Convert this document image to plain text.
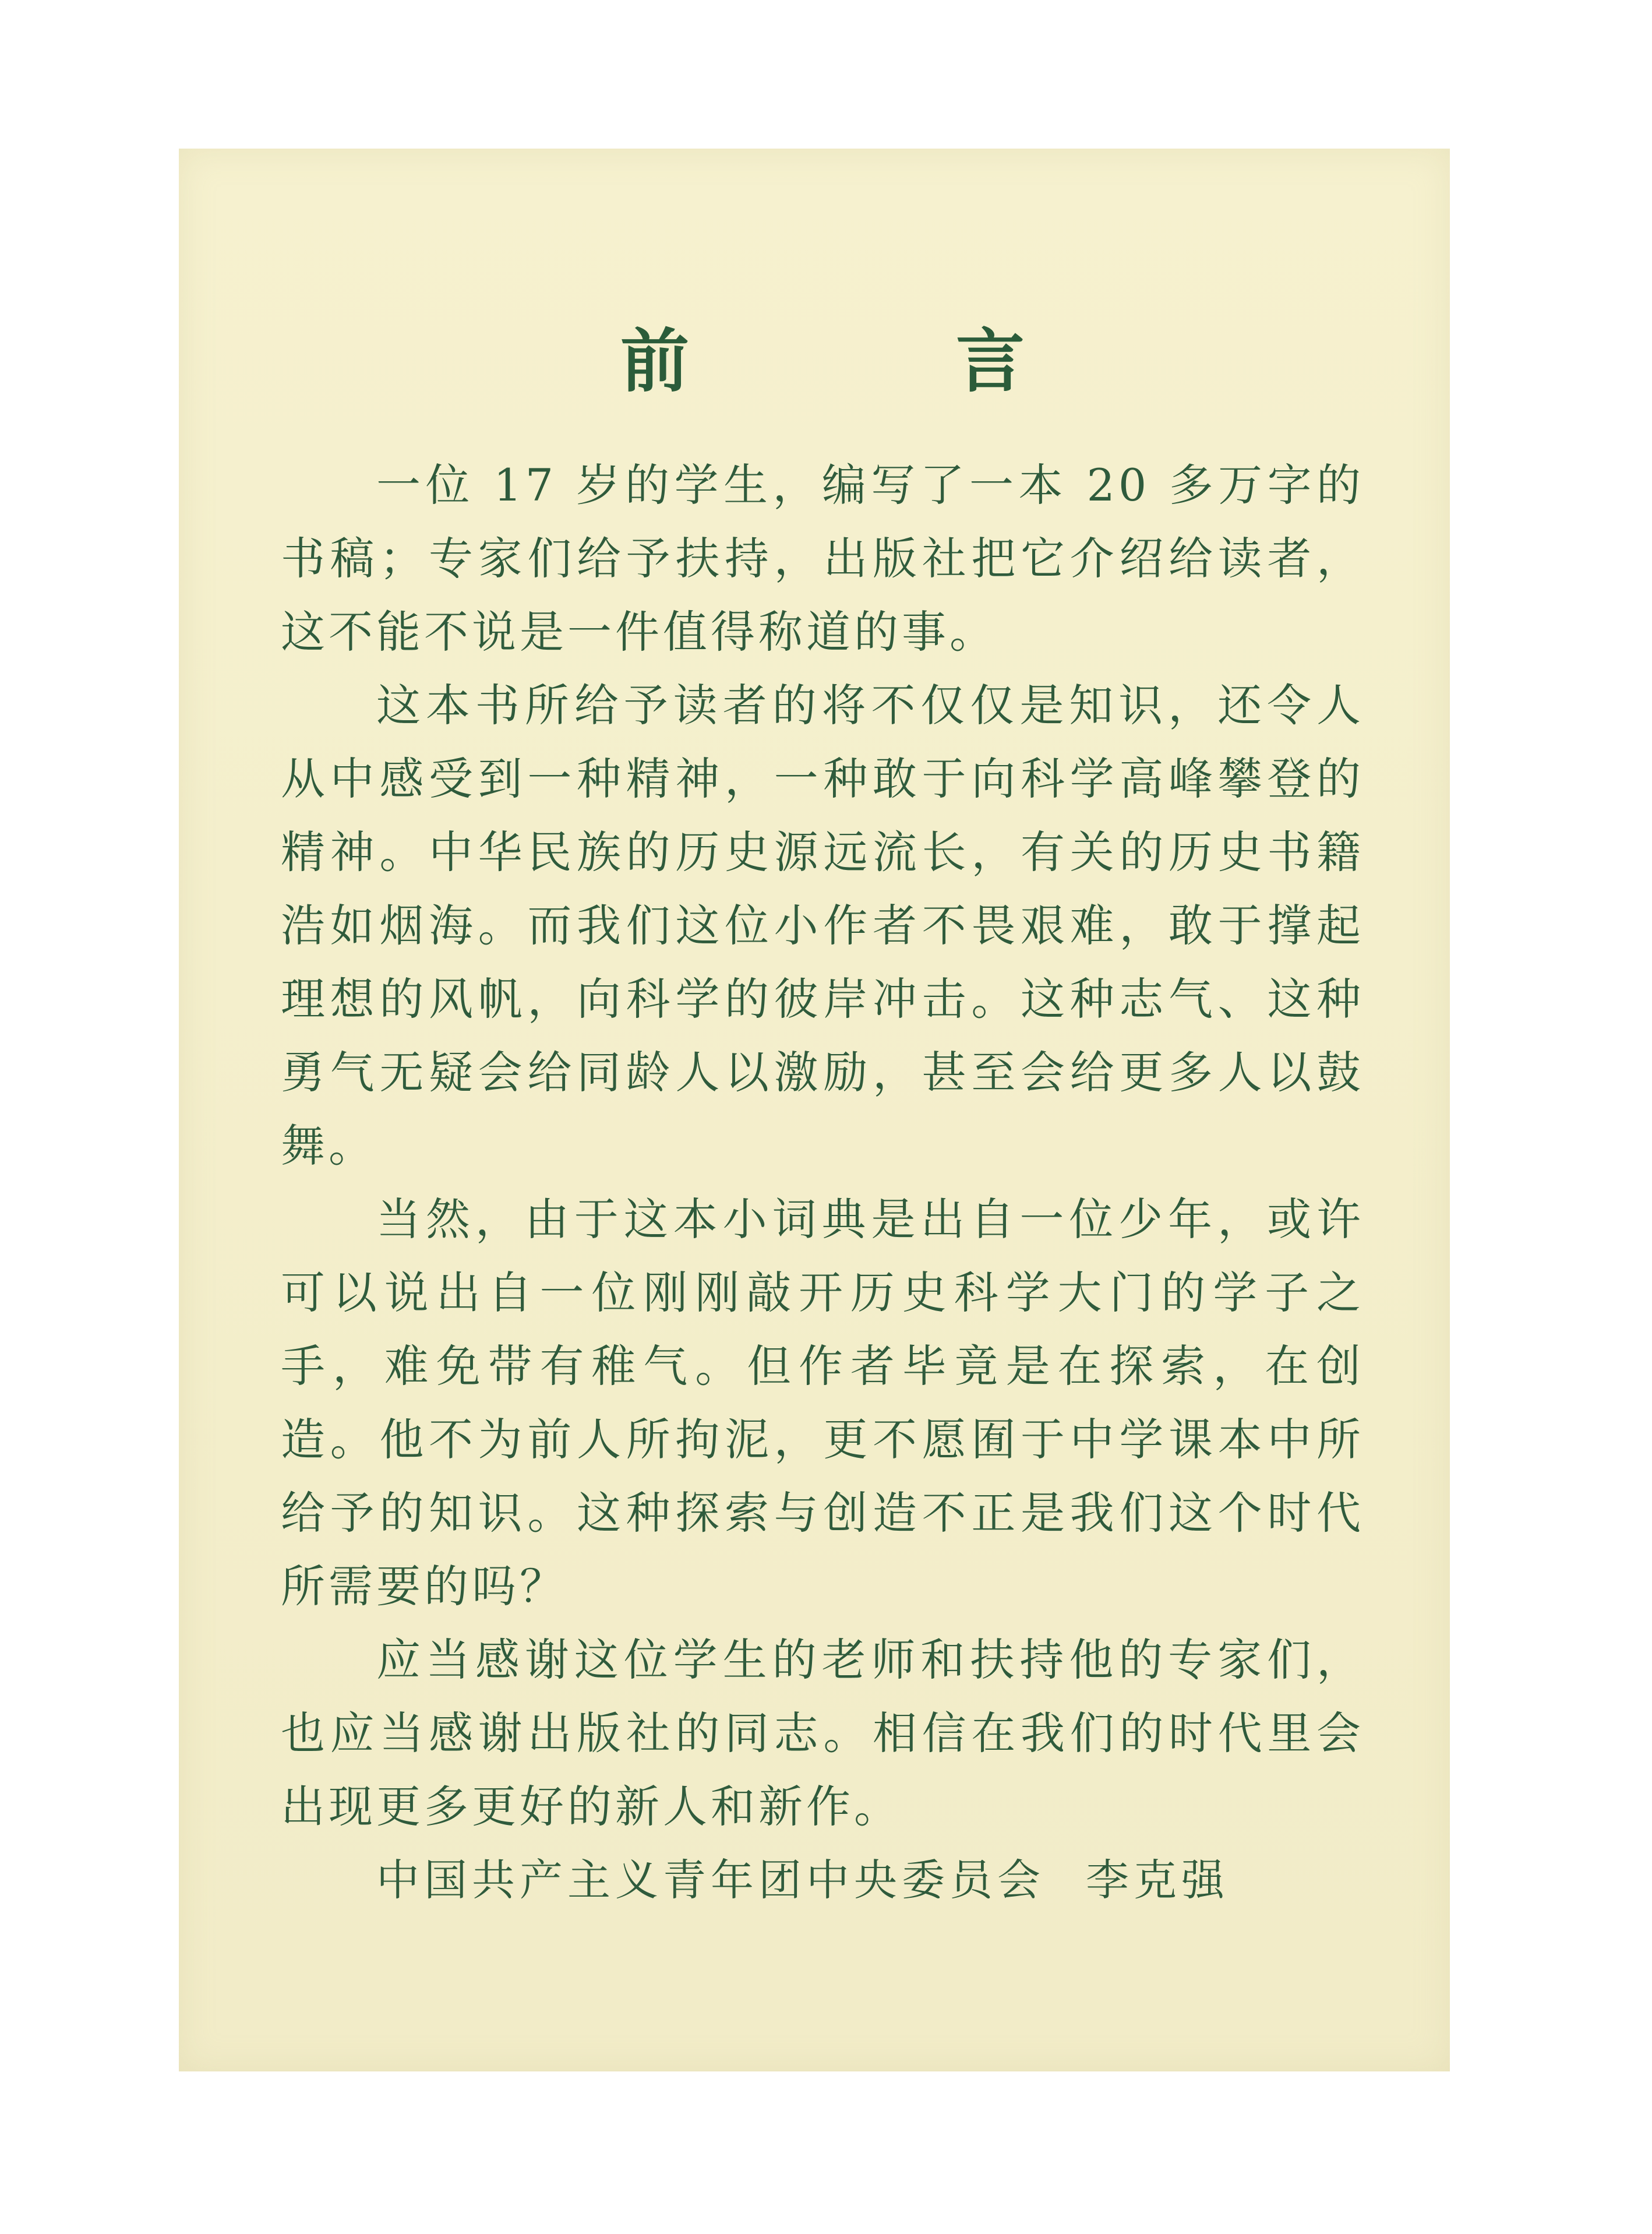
前　言

一位 17 岁的学生，编写了一本 20 多万字的书稿；专家们给予扶持，出版社把它介绍给读者，这不能不说是一件值得称道的事。

这本书所给予读者的将不仅仅是知识，还令人从中感受到一种精神，一种敢于向科学高峰攀登的精神。中华民族的历史源远流长，有关的历史书籍浩如烟海。而我们这位小作者不畏艰难，敢于撑起理想的风帆，向科学的彼岸冲击。这种志气、这种勇气无疑会给同龄人以激励，甚至会给更多人以鼓舞。

当然，由于这本小词典是出自一位少年，或许可以说出自一位刚刚敲开历史科学大门的学子之手，难免带有稚气。但作者毕竟是在探索，在创造。他不为前人所拘泥，更不愿囿于中学课本中所给予的知识。这种探索与创造不正是我们这个时代所需要的吗？

应当感谢这位学生的老师和扶持他的专家们，也应当感谢出版社的同志。相信在我们的时代里会出现更多更好的新人和新作。

中国共产主义青年团中央委员会 李克强
